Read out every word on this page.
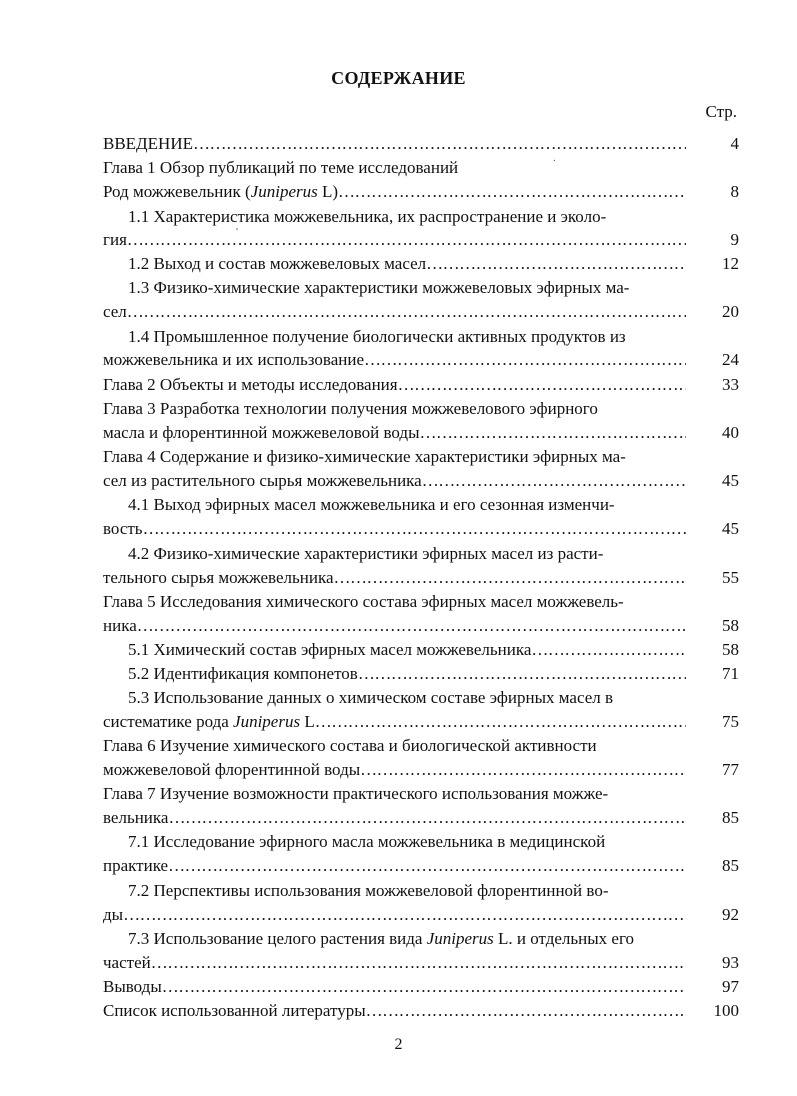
СОДЕРЖАНИЕ
Стр.
ВВЕДЕНИЕ …………………………………………………………………………………………………………………………………………………………………	4
Глава 1 Обзор публикаций по теме исследований
Род можжевельник (Juniperus L) …………………………………………………………………………………………………………………………………………………………………	8
1.1 Характеристика можжевельника, их распространение и эколо-
гия …………………………………………………………………………………………………………………………………………………………………	9
1.2 Выход и состав можжевеловых масел …………………………………………………………………………………………………………………………………………………………………	12
1.3 Физико-химические характеристики можжевеловых эфирных ма-
сел …………………………………………………………………………………………………………………………………………………………………	20
1.4 Промышленное получение биологически активных продуктов из
можжевельника и их использование …………………………………………………………………………………………………………………………………………………………………	24
Глава 2 Объекты и методы исследования …………………………………………………………………………………………………………………………………………………………………	33
Глава 3 Разработка технологии получения можжевелового эфирного
масла и флорентинной можжевеловой воды …………………………………………………………………………………………………………………………………………………………………	40
Глава 4 Содержание и физико-химические характеристики эфирных ма-
сел из растительного сырья можжевельника …………………………………………………………………………………………………………………………………………………………………	45
4.1 Выход эфирных масел можжевельника и его сезонная изменчи-
вость …………………………………………………………………………………………………………………………………………………………………	45
4.2 Физико-химические характеристики эфирных масел из расти-
тельного сырья можжевельника …………………………………………………………………………………………………………………………………………………………………	55
Глава 5 Исследования химического состава эфирных масел можжевель-
ника …………………………………………………………………………………………………………………………………………………………………	58
5.1 Химический состав эфирных масел можжевельника …………………………………………………………………………………………………………………………………………………………………	58
5.2 Идентификация компонетов …………………………………………………………………………………………………………………………………………………………………	71
5.3 Использование данных о химическом составе эфирных масел в
систематике рода Juniperus L …………………………………………………………………………………………………………………………………………………………………	75
Глава 6 Изучение химического состава и биологической активности
можжевеловой флорентинной воды …………………………………………………………………………………………………………………………………………………………………	77
Глава 7 Изучение возможности практического использования можже-
вельника …………………………………………………………………………………………………………………………………………………………………	85
7.1 Исследование эфирного масла можжевельника в медицинской
практике …………………………………………………………………………………………………………………………………………………………………	85
7.2 Перспективы использования можжевеловой флорентинной во-
ды …………………………………………………………………………………………………………………………………………………………………	92
7.3 Использование целого растения вида Juniperus L. и отдельных его
частей …………………………………………………………………………………………………………………………………………………………………	93
Выводы …………………………………………………………………………………………………………………………………………………………………	97
Список использованной литературы …………………………………………………………………………………………………………………………………………………………………	100
.
'
2
